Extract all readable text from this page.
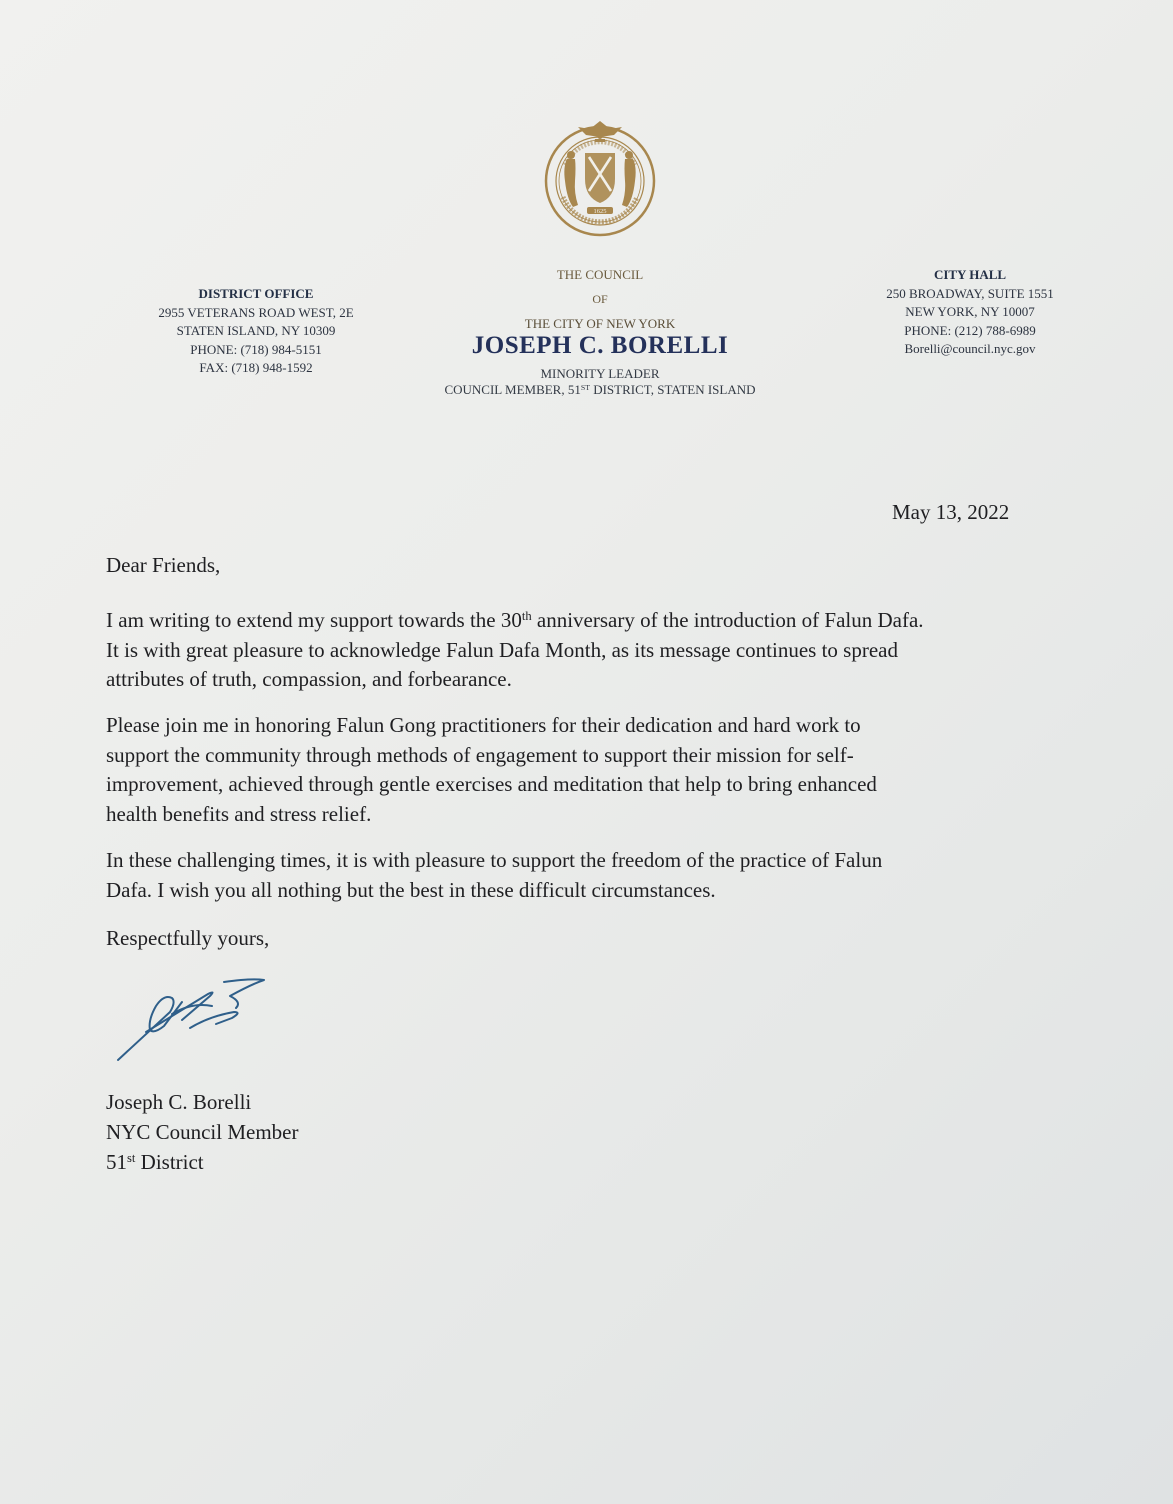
1625
DISTRICT OFFICE
2955 VETERANS ROAD WEST, 2E
STATEN ISLAND, NY 10309
PHONE: (718) 984-5151
FAX: (718) 948-1592
THE COUNCIL
OF
THE CITY OF NEW YORK
JOSEPH C. BORELLI
MINORITY LEADER
COUNCIL MEMBER, 51ST DISTRICT, STATEN ISLAND
CITY HALL
250 BROADWAY, SUITE 1551
NEW YORK, NY 10007
PHONE: (212) 788-6989
Borelli@council.nyc.gov
May 13, 2022
Dear Friends,
I am writing to extend my support towards the 30th anniversary of the introduction of Falun Dafa.
It is with great pleasure to acknowledge Falun Dafa Month, as its message continues to spread
attributes of truth, compassion, and forbearance.
Please join me in honoring Falun Gong practitioners for their dedication and hard work to
support the community through methods of engagement to support their mission for self-
improvement, achieved through gentle exercises and meditation that help to bring enhanced
health benefits and stress relief.
In these challenging times, it is with pleasure to support the freedom of the practice of Falun
Dafa. I wish you all nothing but the best in these difficult circumstances.
Respectfully yours,
Joseph C. Borelli
NYC Council Member
51st District
